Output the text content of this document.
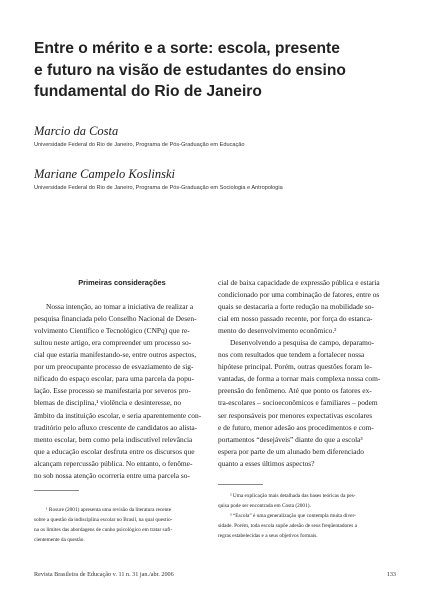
Entre o mérito e a sorte: escola, presente
e futuro na visão de estudantes do ensino
fundamental do Rio de Janeiro
Marcio da Costa
Universidade Federal do Rio de Janeiro, Programa de Pós-Graduação em Educação
Mariane Campelo Koslinski
Universidade Federal do Rio de Janeiro, Programa de Pós-Graduação em Sociologia e Antropologia
Primeiras considerações
Nossa intenção, ao tomar a iniciativa de realizar a
pesquisa financiada pelo Conselho Nacional de Desen-
volvimento Científico e Tecnológico (CNPq) que re-
sultou neste artigo, era compreender um processo so-
cial que estaria manifestando-se, entre outros aspectos,
por um preocupante processo de esvaziamento de sig-
nificado do espaço escolar, para uma parcela da popu-
lação. Esse processo se manifestaria por severos pro-
blemas de disciplina,¹ violência e desinteresse, no
âmbito da instituição escolar, e seria aparentemente con-
traditório pelo afluxo crescente de candidatos ao alista-
mento escolar, bem como pela indiscutível relevância
que a educação escolar desfruta entre os discursos que
alcançam repercussão pública. No entanto, o fenôme-
no sob nossa atenção ocorreria entre uma parcela so-
cial de baixa capacidade de expressão pública e estaria
condicionado por uma combinação de fatores, entre os
quais se destacaria a forte redução na mobilidade so-
cial em nosso passado recente, por força do estanca-
mento do desenvolvimento econômico.²
Desenvolvendo a pesquisa de campo, deparamo-
nos com resultados que tendem a fortalecer nossa
hipótese principal. Porém, outras questões foram le-
vantadas, de forma a tornar mais complexa nossa com-
preensão do fenômeno. Até que ponto os fatores ex-
tra-escolares – socioeconômicos e familiares – podem
ser responsáveis por menores expectativas escolares
e de futuro, menor adesão aos procedimentos e com-
portamentos “desejáveis” diante do que a escola³
espera por parte de um alunado bem diferenciado
quanto a esses últimos aspectos?
² Uma explicação mais detalhada das bases teóricas da pes-
quisa pode ser encontrada em Costa (2001).
³ “Escola” é uma generalização que contempla muita diver-
sidade. Porém, toda escola supõe adesão de seus freqüentadores a
regras estabelecidas e a seus objetivos formais.
¹ Rosure (2001) apresenta uma revisão da literatura recente
sobre a questão da indisciplina escolar no Brasil, na qual questio-
na os limites das abordagens de cunho psicológico em tratar sufi-
cientemente da questão.
Revista Brasileira de Educação v. 11 n. 31 jan./abr. 2006	133
